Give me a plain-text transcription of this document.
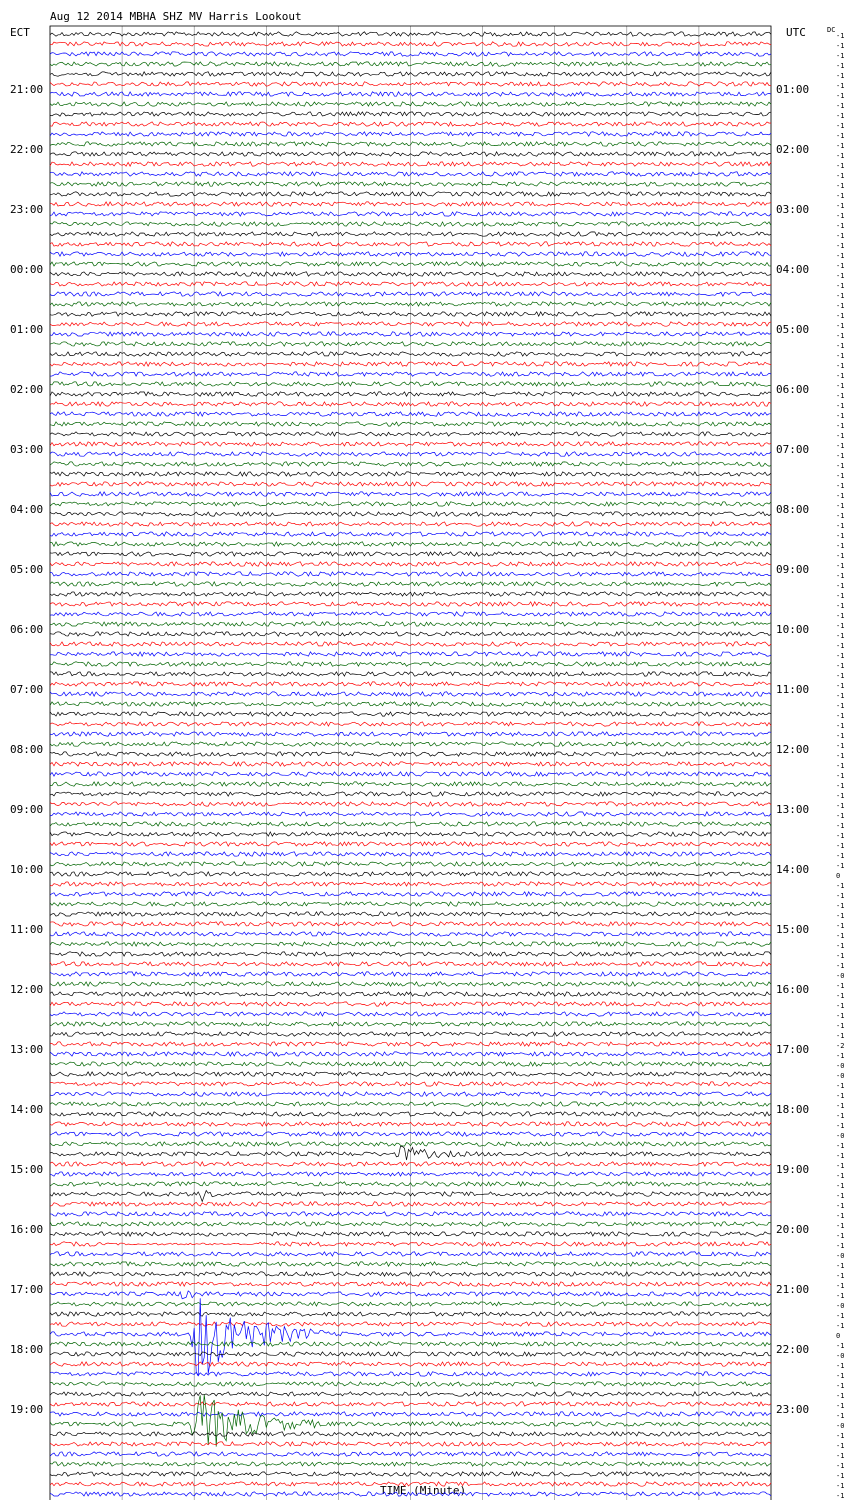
Aug 12 2014 MBHA SHZ MV Harris Lookout
ECT	UTC	DC
TIME (Minute)
21:00
22:00
23:00
00:00
01:00
02:00
03:00
04:00
05:00
06:00
07:00
08:00
09:00
10:00
11:00
12:00
13:00
14:00
15:00
16:00
17:00
18:00
19:00
01:00
02:00
03:00
04:00
05:00
06:00
07:00
08:00
09:00
10:00
11:00
12:00
13:00
14:00
15:00
16:00
17:00
18:00
19:00
20:00
21:00
22:00
23:00
-1
-1
-1
-1
-1
-1
-1
-1
-1
-1
-1
-1
-1
-1
-1
-1
-1
-1
-1
-1
-1
-1
-1
-1
-1
-1
-1
-1
-1
-1
-1
-1
-1
-1
-1
-1
-1
-1
-1
-1
-1
-1
-1
-1
-1
-1
-1
-1
-1
-1
-1
-1
-1
-1
-1
-1
-1
-1
-1
-1
-1
-1
-1
-1
-1
-1
-1
-1
-1
-1
-1
-1
-1
-1
-1
-1
-1
-1
-1
-1
-1
-1
-1
-1
0
-1
-1
-1
-1
-1
-1
-1
-1
-1
-0
-1
-1
-1
-1
-1
-1
-2
-1
-0
-0
-1
-1
-1
-1
-1
-0
-1
-1
-1
-1
-1
-1
-1
-1
-1
-1
-1
-0
-1
-1
-1
-1
-0
-1
-1
0
-1
-0
-1
-1
-1
-1
-1
-1
-0
-1
-1
-1
-1
-1
-1
-1
